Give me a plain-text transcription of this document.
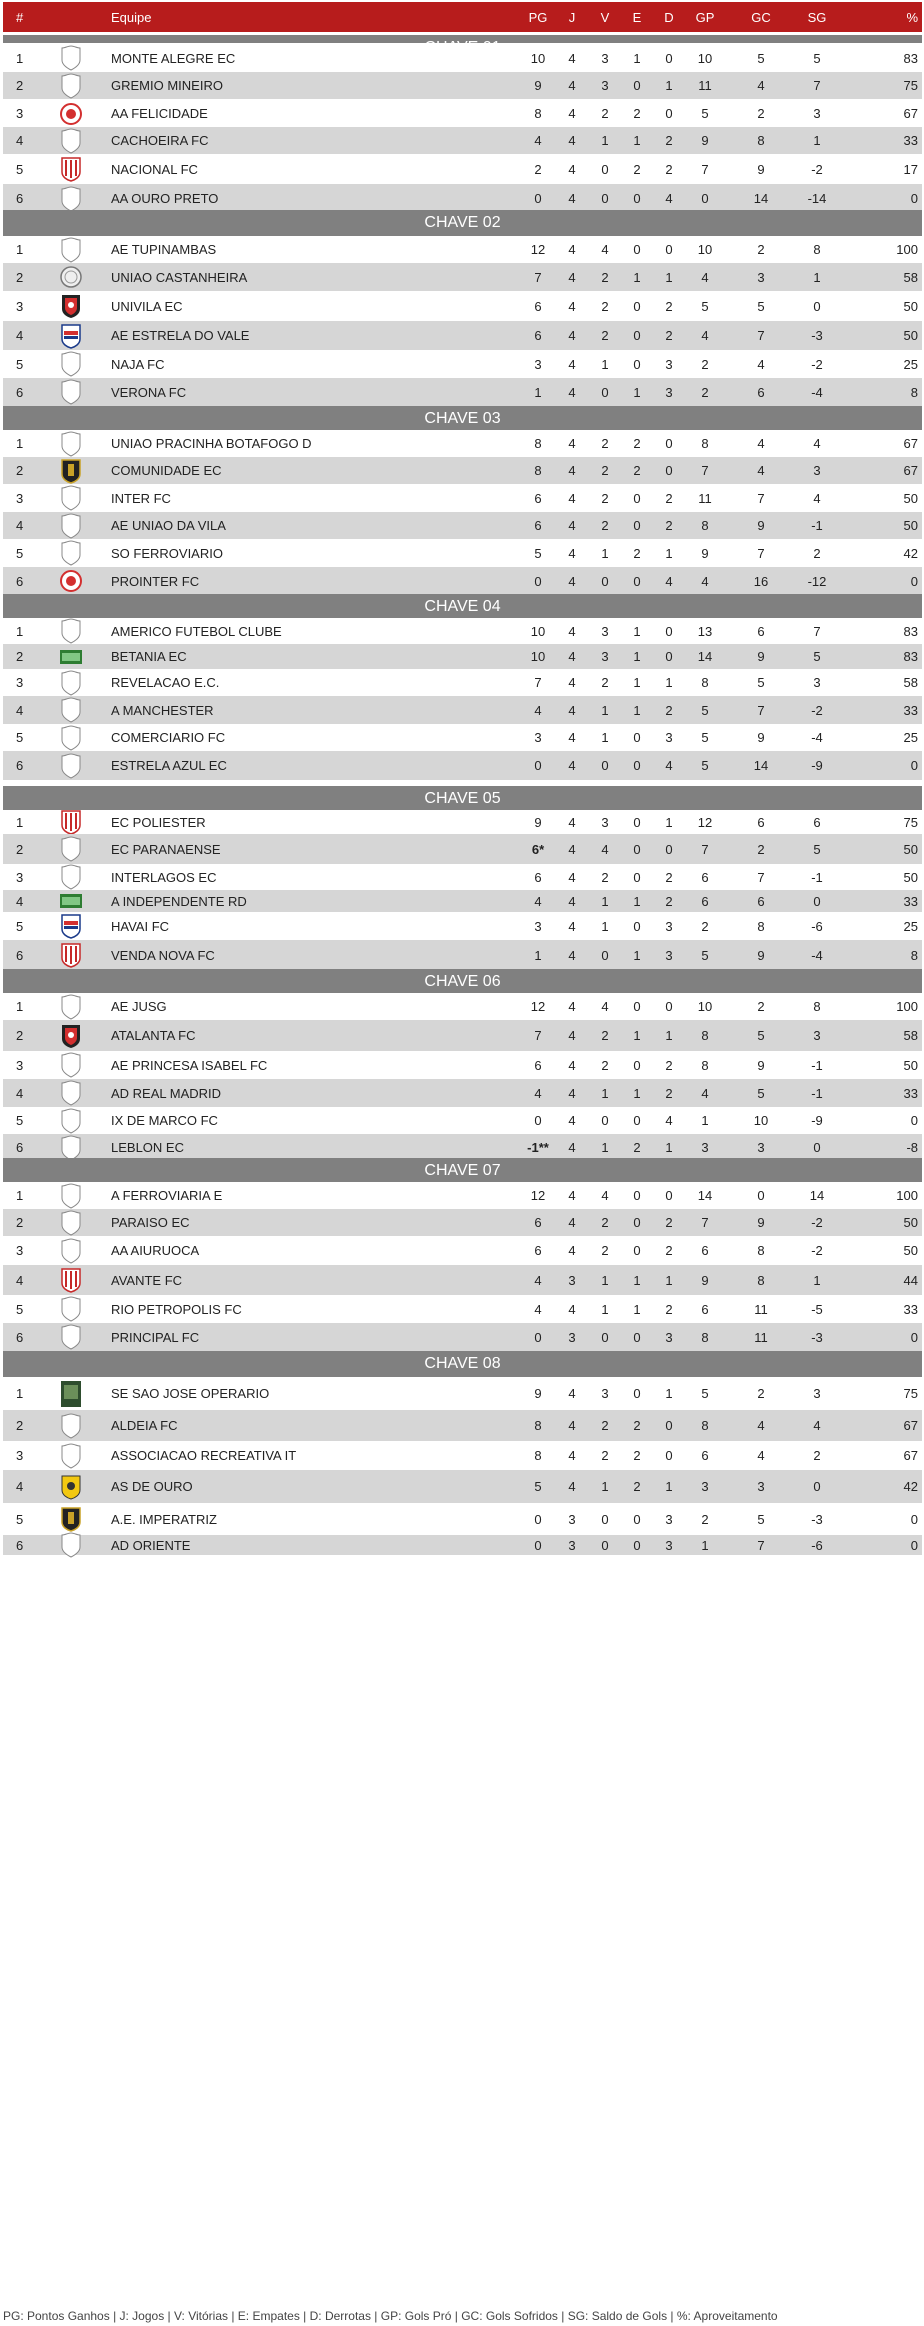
#	Equipe	PG	J	V	E	D	GP	GC	SG	%
1	MONTE ALEGRE EC	10	4	3	1	0	10	5	5	83
2	GREMIO MINEIRO	9	4	3	0	1	11	4	7	75
3	AA FELICIDADE	8	4	2	2	0	5	2	3	67
4	CACHOEIRA FC	4	4	1	1	2	9	8	1	33
5	NACIONAL FC	2	4	0	2	2	7	9	-2	17
6	AA OURO PRETO	0	4	0	0	4	0	14	-14	0
CHAVE 02
1	AE TUPINAMBAS	12	4	4	0	0	10	2	8	100
2	UNIAO CASTANHEIRA	7	4	2	1	1	4	3	1	58
3	UNIVILA EC	6	4	2	0	2	5	5	0	50
4	AE ESTRELA DO VALE	6	4	2	0	2	4	7	-3	50
5	NAJA FC	3	4	1	0	3	2	4	-2	25
6	VERONA FC	1	4	0	1	3	2	6	-4	8
CHAVE 03
1	UNIAO PRACINHA BOTAFOGO D	8	4	2	2	0	8	4	4	67
2	COMUNIDADE EC	8	4	2	2	0	7	4	3	67
3	INTER FC	6	4	2	0	2	11	7	4	50
4	AE UNIAO DA VILA	6	4	2	0	2	8	9	-1	50
5	SO FERROVIARIO	5	4	1	2	1	9	7	2	42
6	PROINTER FC	0	4	0	0	4	4	16	-12	0
CHAVE 04
1	AMERICO FUTEBOL CLUBE	10	4	3	1	0	13	6	7	83
2	BETANIA EC	10	4	3	1	0	14	9	5	83
3	REVELACAO E.C.	7	4	2	1	1	8	5	3	58
4	A MANCHESTER	4	4	1	1	2	5	7	-2	33
5	COMERCIARIO FC	3	4	1	0	3	5	9	-4	25
6	ESTRELA AZUL EC	0	4	0	0	4	5	14	-9	0
CHAVE 05
1	EC POLIESTER	9	4	3	0	1	12	6	6	75
2	EC PARANAENSE	6*	4	4	0	0	7	2	5	50
3	INTERLAGOS EC	6	4	2	0	2	6	7	-1	50
4	A INDEPENDENTE RD	4	4	1	1	2	6	6	0	33
5	HAVAI FC	3	4	1	0	3	2	8	-6	25
6	VENDA NOVA FC	1	4	0	1	3	5	9	-4	8
CHAVE 06
1	AE JUSG	12	4	4	0	0	10	2	8	100
2	ATALANTA FC	7	4	2	1	1	8	5	3	58
3	AE PRINCESA ISABEL FC	6	4	2	0	2	8	9	-1	50
4	AD REAL MADRID	4	4	1	1	2	4	5	-1	33
5	IX DE MARCO FC	0	4	0	0	4	1	10	-9	0
6	LEBLON EC	-1**	4	1	2	1	3	3	0	-8
CHAVE 07
1	A FERROVIARIA E	12	4	4	0	0	14	0	14	100
2	PARAISO EC	6	4	2	0	2	7	9	-2	50
3	AA AIURUOCA	6	4	2	0	2	6	8	-2	50
4	AVANTE FC	4	3	1	1	1	9	8	1	44
5	RIO PETROPOLIS FC	4	4	1	1	2	6	11	-5	33
6	PRINCIPAL FC	0	3	0	0	3	8	11	-3	0
CHAVE 08
1	SE SAO JOSE OPERARIO	9	4	3	0	1	5	2	3	75
2	ALDEIA FC	8	4	2	2	0	8	4	4	67
3	ASSOCIACAO RECREATIVA IT	8	4	2	2	0	6	4	2	67
4	AS DE OURO	5	4	1	2	1	3	3	0	42
5	A.E. IMPERATRIZ	0	3	0	0	3	2	5	-3	0
6	AD ORIENTE	0	3	0	0	3	1	7	-6	0
PG: Pontos Ganhos | J: Jogos | V: Vitórias | E: Empates | D: Derrotas | GP: Gols Pró | GC: Gols Sofridos | SG: Saldo de Gols | %: Aproveitamento
